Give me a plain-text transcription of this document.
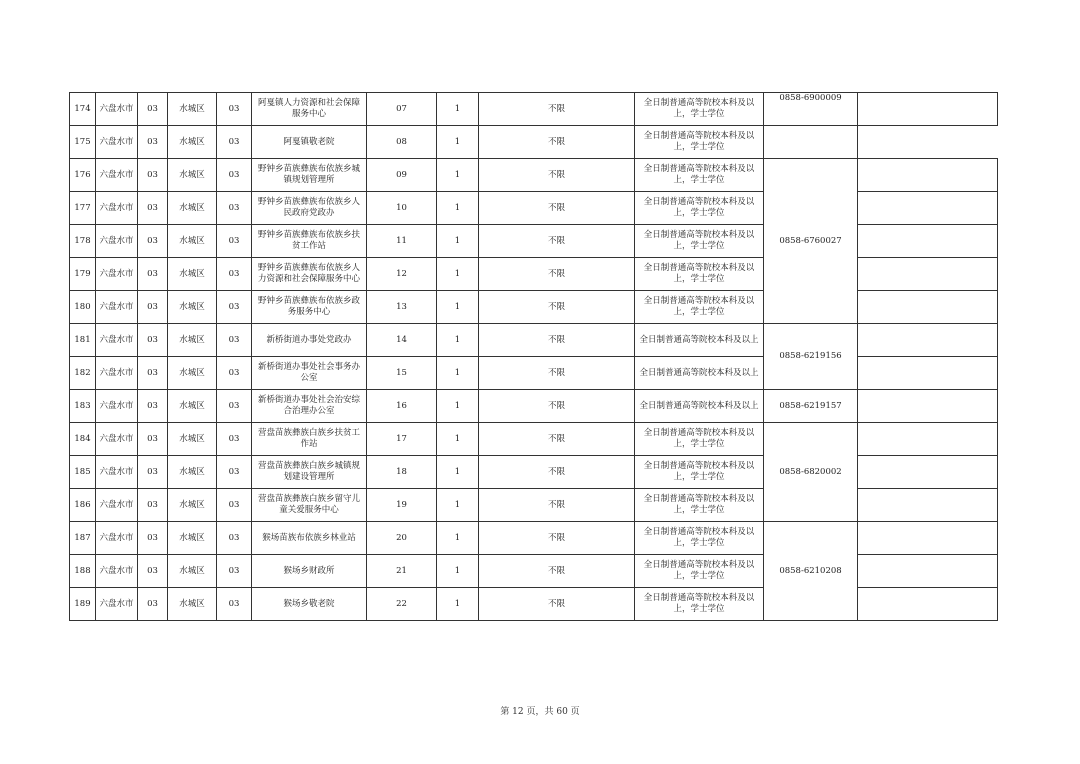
174	六盘水市	03	水城区	03	阿戛镇人力资源和社会保障服务中心	07	1	不限	全日制普通高等院校本科及以上，学士学位	0858-6900009	
175	六盘水市	03	水城区	03	阿戛镇敬老院	08	1	不限	全日制普通高等院校本科及以上，学士学位		
176	六盘水市	03	水城区	03	野钟乡苗族彝族布依族乡城镇规划管理所	09	1	不限	全日制普通高等院校本科及以上，学士学位	0858-6760027	
177	六盘水市	03	水城区	03	野钟乡苗族彝族布依族乡人民政府党政办	10	1	不限	全日制普通高等院校本科及以上，学士学位		
178	六盘水市	03	水城区	03	野钟乡苗族彝族布依族乡扶贫工作站	11	1	不限	全日制普通高等院校本科及以上，学士学位		
179	六盘水市	03	水城区	03	野钟乡苗族彝族布依族乡人力资源和社会保障服务中心	12	1	不限	全日制普通高等院校本科及以上，学士学位		
180	六盘水市	03	水城区	03	野钟乡苗族彝族布依族乡政务服务中心	13	1	不限	全日制普通高等院校本科及以上，学士学位		
181	六盘水市	03	水城区	03	新桥街道办事处党政办	14	1	不限	全日制普通高等院校本科及以上	0858-6219156	
182	六盘水市	03	水城区	03	新桥街道办事处社会事务办公室	15	1	不限	全日制普通高等院校本科及以上		
183	六盘水市	03	水城区	03	新桥街道办事处社会治安综合治理办公室	16	1	不限	全日制普通高等院校本科及以上	0858-6219157	
184	六盘水市	03	水城区	03	营盘苗族彝族白族乡扶贫工作站	17	1	不限	全日制普通高等院校本科及以上，学士学位	0858-6820002	
185	六盘水市	03	水城区	03	营盘苗族彝族白族乡城镇规划建设管理所	18	1	不限	全日制普通高等院校本科及以上，学士学位		
186	六盘水市	03	水城区	03	营盘苗族彝族白族乡留守儿童关爱服务中心	19	1	不限	全日制普通高等院校本科及以上，学士学位		
187	六盘水市	03	水城区	03	猴场苗族布依族乡林业站	20	1	不限	全日制普通高等院校本科及以上，学士学位	0858-6210208	
188	六盘水市	03	水城区	03	猴场乡财政所	21	1	不限	全日制普通高等院校本科及以上，学士学位		
189	六盘水市	03	水城区	03	猴场乡敬老院	22	1	不限	全日制普通高等院校本科及以上，学士学位		
第 12 页，共 60 页
